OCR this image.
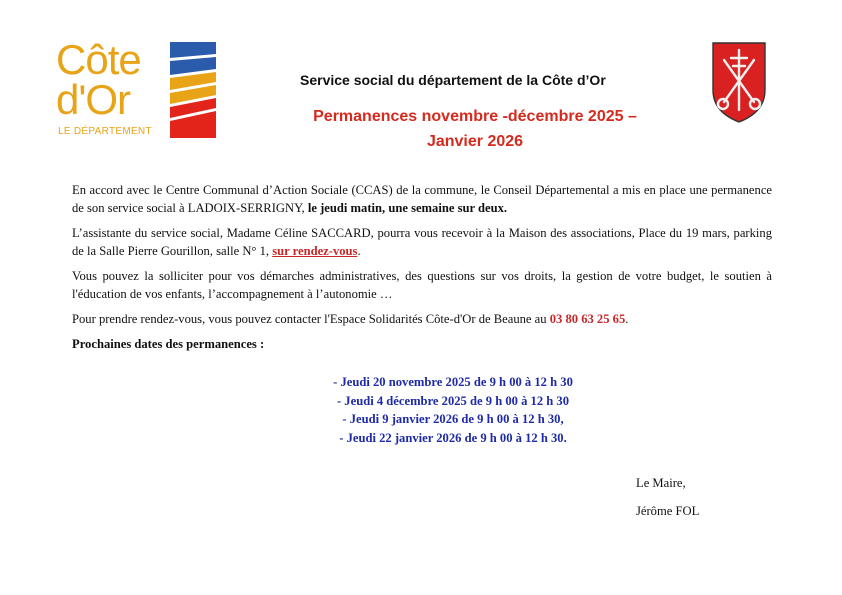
Côte
d'Or
LE DÉPARTEMENT
Service social du département de la Côte d’Or
Permanences novembre -décembre 2025 –
Janvier 2026

En accord avec le Centre Communal d’Action Sociale (CCAS) de la commune, le Conseil Départemental a mis en place une permanence de son service social à LADOIX-SERRIGNY, le jeudi matin, une semaine sur deux.

L’assistante du service social, Madame Céline SACCARD, pourra vous recevoir à la Maison des associations, Place du 19 mars, parking de la Salle Pierre Gourillon, salle N° 1, sur rendez-vous.

Vous pouvez la solliciter pour vos démarches administratives, des questions sur vos droits, la gestion de votre budget, le soutien à l'éducation de vos enfants, l’accompagnement à l’autonomie …

Pour prendre rendez-vous, vous pouvez contacter l'Espace Solidarités Côte-d'Or de Beaune au 03 80 63 25 65.

Prochaines dates des permanences :

- Jeudi 20 novembre 2025 de 9 h 00 à 12 h 30
- Jeudi 4 décembre 2025 de 9 h 00 à 12 h 30
- Jeudi 9 janvier 2026 de 9 h 00 à 12 h 30,
- Jeudi 22 janvier 2026 de 9 h 00 à 12 h 30.
Le Maire,
Jérôme FOL
